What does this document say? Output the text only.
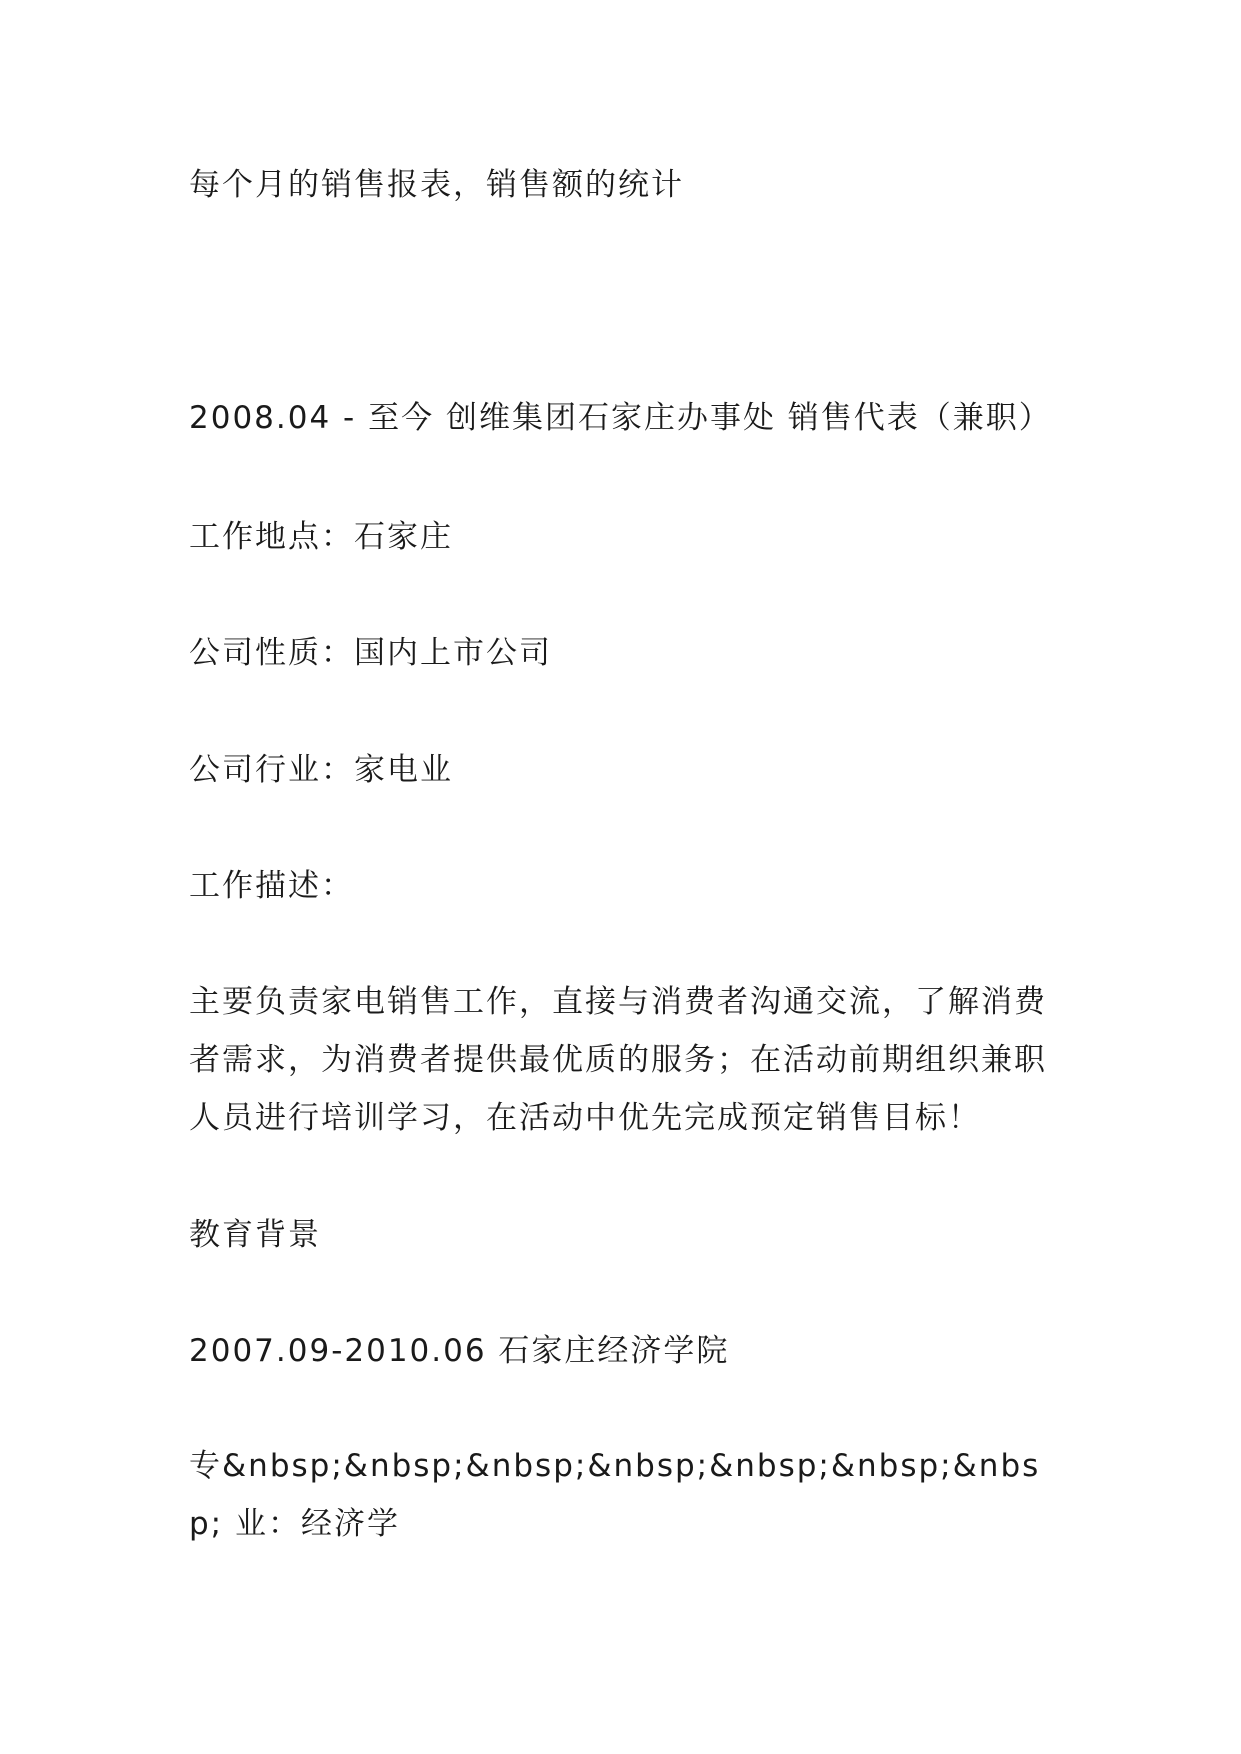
每个月的销售报表，销售额的统计

2008.04 - 至今 创维集团石家庄办事处 销售代表（兼职）

工作地点：石家庄

公司性质：国内上市公司

公司行业：家电业

工作描述：

主要负责家电销售工作，直接与消费者沟通交流，了解消费者需求，为消费者提供最优质的服务；在活动前期组织兼职人员进行培训学习，在活动中优先完成预定销售目标！

教育背景

2007.09-2010.06 石家庄经济学院

专&nbsp;&nbsp;&nbsp;&nbsp;&nbsp;&nbsp;&nbsp; 业：经济学
